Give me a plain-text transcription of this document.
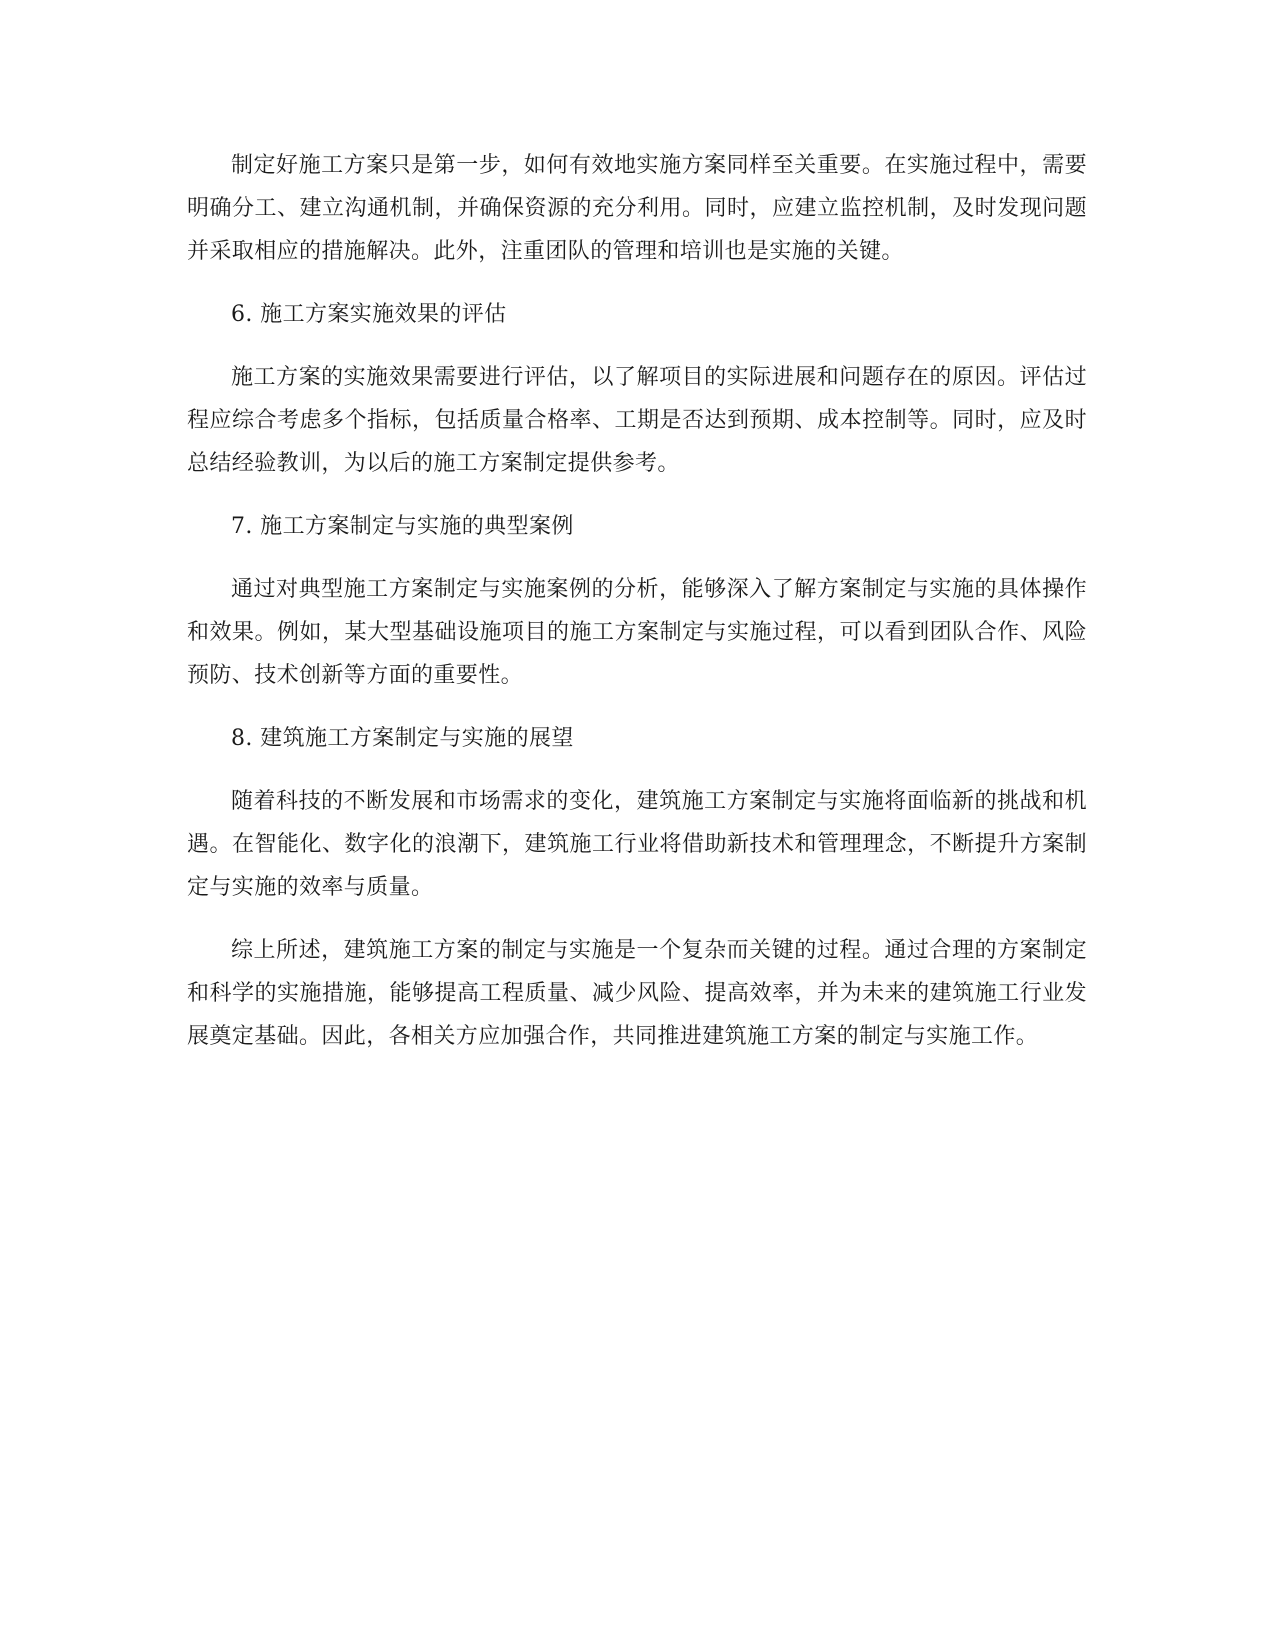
制定好施工方案只是第一步，如何有效地实施方案同样至关重要。在实施过程中，需要明确分工、建立沟通机制，并确保资源的充分利用。同时，应建立监控机制，及时发现问题并采取相应的措施解决。此外，注重团队的管理和培训也是实施的关键。

6. 施工方案实施效果的评估

施工方案的实施效果需要进行评估，以了解项目的实际进展和问题存在的原因。评估过程应综合考虑多个指标，包括质量合格率、工期是否达到预期、成本控制等。同时，应及时总结经验教训，为以后的施工方案制定提供参考。

7. 施工方案制定与实施的典型案例

通过对典型施工方案制定与实施案例的分析，能够深入了解方案制定与实施的具体操作和效果。例如，某大型基础设施项目的施工方案制定与实施过程，可以看到团队合作、风险预防、技术创新等方面的重要性。

8. 建筑施工方案制定与实施的展望

随着科技的不断发展和市场需求的变化，建筑施工方案制定与实施将面临新的挑战和机遇。在智能化、数字化的浪潮下，建筑施工行业将借助新技术和管理理念，不断提升方案制定与实施的效率与质量。

综上所述，建筑施工方案的制定与实施是一个复杂而关键的过程。通过合理的方案制定和科学的实施措施，能够提高工程质量、减少风险、提高效率，并为未来的建筑施工行业发展奠定基础。因此，各相关方应加强合作，共同推进建筑施工方案的制定与实施工作。
